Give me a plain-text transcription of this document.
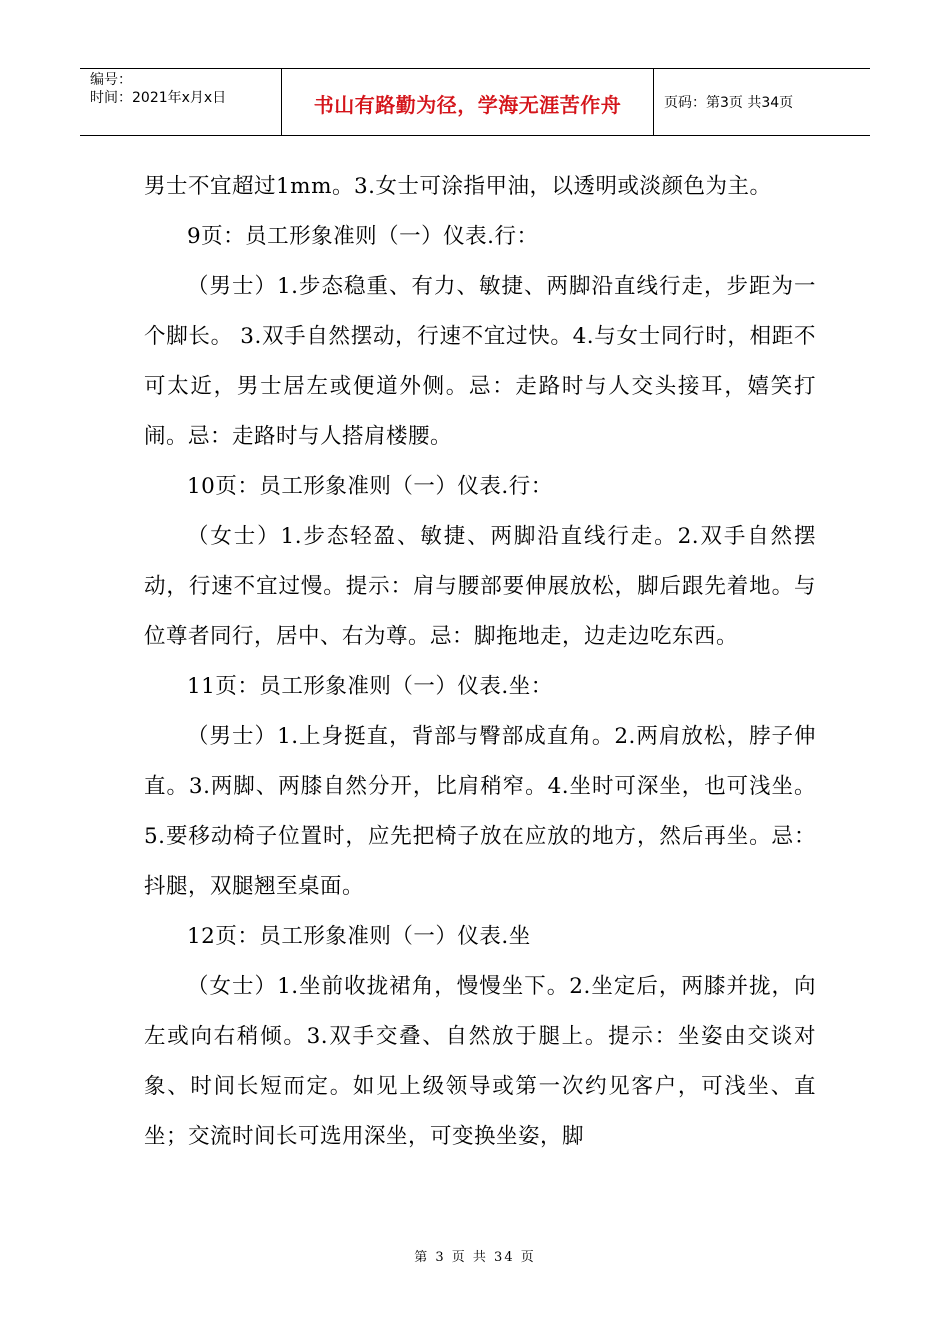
编号：
时间：2021年x月x日	书山有路勤为径，学海无涯苦作舟	页码：第3页 共34页

男士不宜超过1mm。3.女士可涂指甲油，以透明或淡颜色为主。

9页：员工形象准则（一）仪表.行：

（男士）1.步态稳重、有力、敏捷、两脚沿直线行走，步距为一个脚长。 3.双手自然摆动，行速不宜过快。4.与女士同行时，相距不可太近，男士居左或便道外侧。忌：走路时与人交头接耳，嬉笑打闹。忌：走路时与人搭肩楼腰。

10页：员工形象准则（一）仪表.行：

（女士）1.步态轻盈、敏捷、两脚沿直线行走。2.双手自然摆动，行速不宜过慢。提示：肩与腰部要伸展放松，脚后跟先着地。与位尊者同行，居中、右为尊。忌：脚拖地走，边走边吃东西。

11页：员工形象准则（一）仪表.坐：

（男士）1.上身挺直，背部与臀部成直角。2.两肩放松，脖子伸直。3.两脚、两膝自然分开，比肩稍窄。4.坐时可深坐，也可浅坐。5.要移动椅子位置时，应先把椅子放在应放的地方，然后再坐。忌：抖腿，双腿翘至桌面。

12页：员工形象准则（一）仪表.坐

（女士）1.坐前收拢裙角，慢慢坐下。2.坐定后，两膝并拢，向左或向右稍倾。3.双手交叠、自然放于腿上。提示：坐姿由交谈对象、时间长短而定。如见上级领导或第一次约见客户，可浅坐、直坐；交流时间长可选用深坐，可变换坐姿，脚

第 3 页 共 34 页
